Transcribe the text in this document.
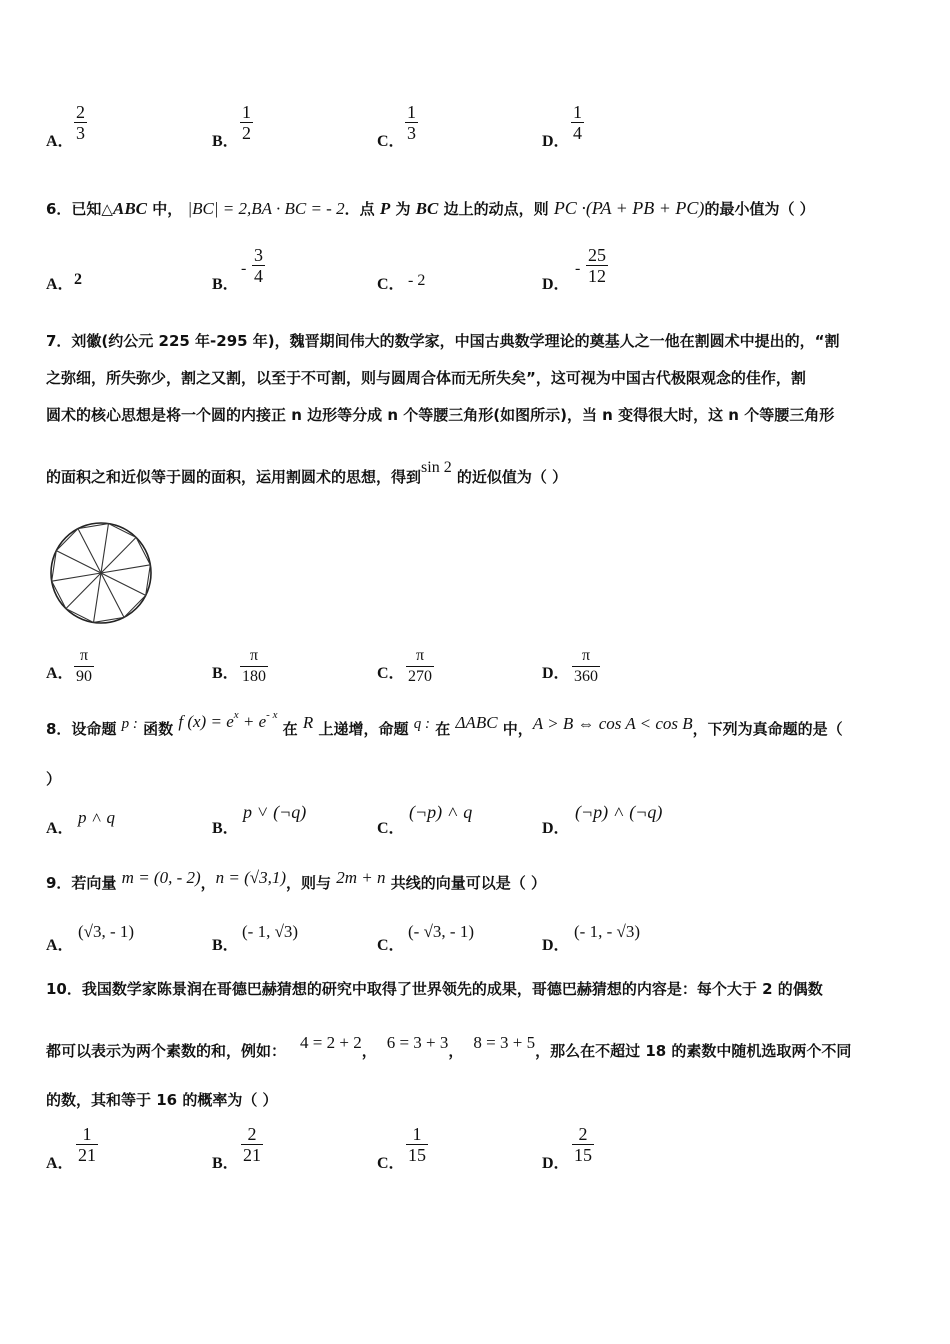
A．
2
3	B．
1
2	C．
1
3	D．
1
4
6．已知△ABC 中， |BC| = 2,BA · BC = - 2．点 P 为 BC 边上的动点，则 PC ·(PA + PB + PC)的最小值为（ ）
A． 2	B．
-
3
4	C． - 2	D．
-
25
12
7．刘徽(约公元 225 年-295 年)，魏晋期间伟大的数学家，中国古典数学理论的奠基人之一他在割圆术中提出的，“割
之弥细，所失弥少，割之又割，以至于不可割，则与圆周合体而无所失矣”，这可视为中国古代极限观念的佳作，割
圆术的核心思想是将一个圆的内接正 n 边形等分成 n 个等腰三角形(如图所示)，当 n 变得很大时，这 n 个等腰三角形
的面积之和近似等于圆的面积，运用割圆术的思想，得到sin 2 的近似值为（ ）
A．
π
90	B．
π
180	C．
π
270	D．
π
360
8．设命题 p : 函数 f $(x) = e^x + e^{- x}$ 在 R 上递增，命题 q : 在 ΔABC 中，A > B ⇔ cos A < cos B，下列为真命题的是（
）
A．
p ˄ q
B．
p ˅ (¬q)
C．
(¬p) ˄ q
D．
(¬p) ˄ (¬q)
9．若向量 m = (0, - 2)，n = (√3,1)，则与 2m + n 共线的向量可以是（ ）
A．
(√3, - 1)
B．
(- 1, √3)
C．
(- √3, - 1)
D．
(- 1, - √3)
10．我国数学家陈景润在哥德巴赫猜想的研究中取得了世界领先的成果，哥德巴赫猜想的内容是：每个大于 2 的偶数
都可以表示为两个素数的和，例如： 4 = 2 + 2， 6 = 3 + 3， 8 = 3 + 5，那么在不超过 18 的素数中随机选取两个不同
的数，其和等于 16 的概率为（ ）
A．
1
21	B．
2
21	C．
1
15	D．
2
15
